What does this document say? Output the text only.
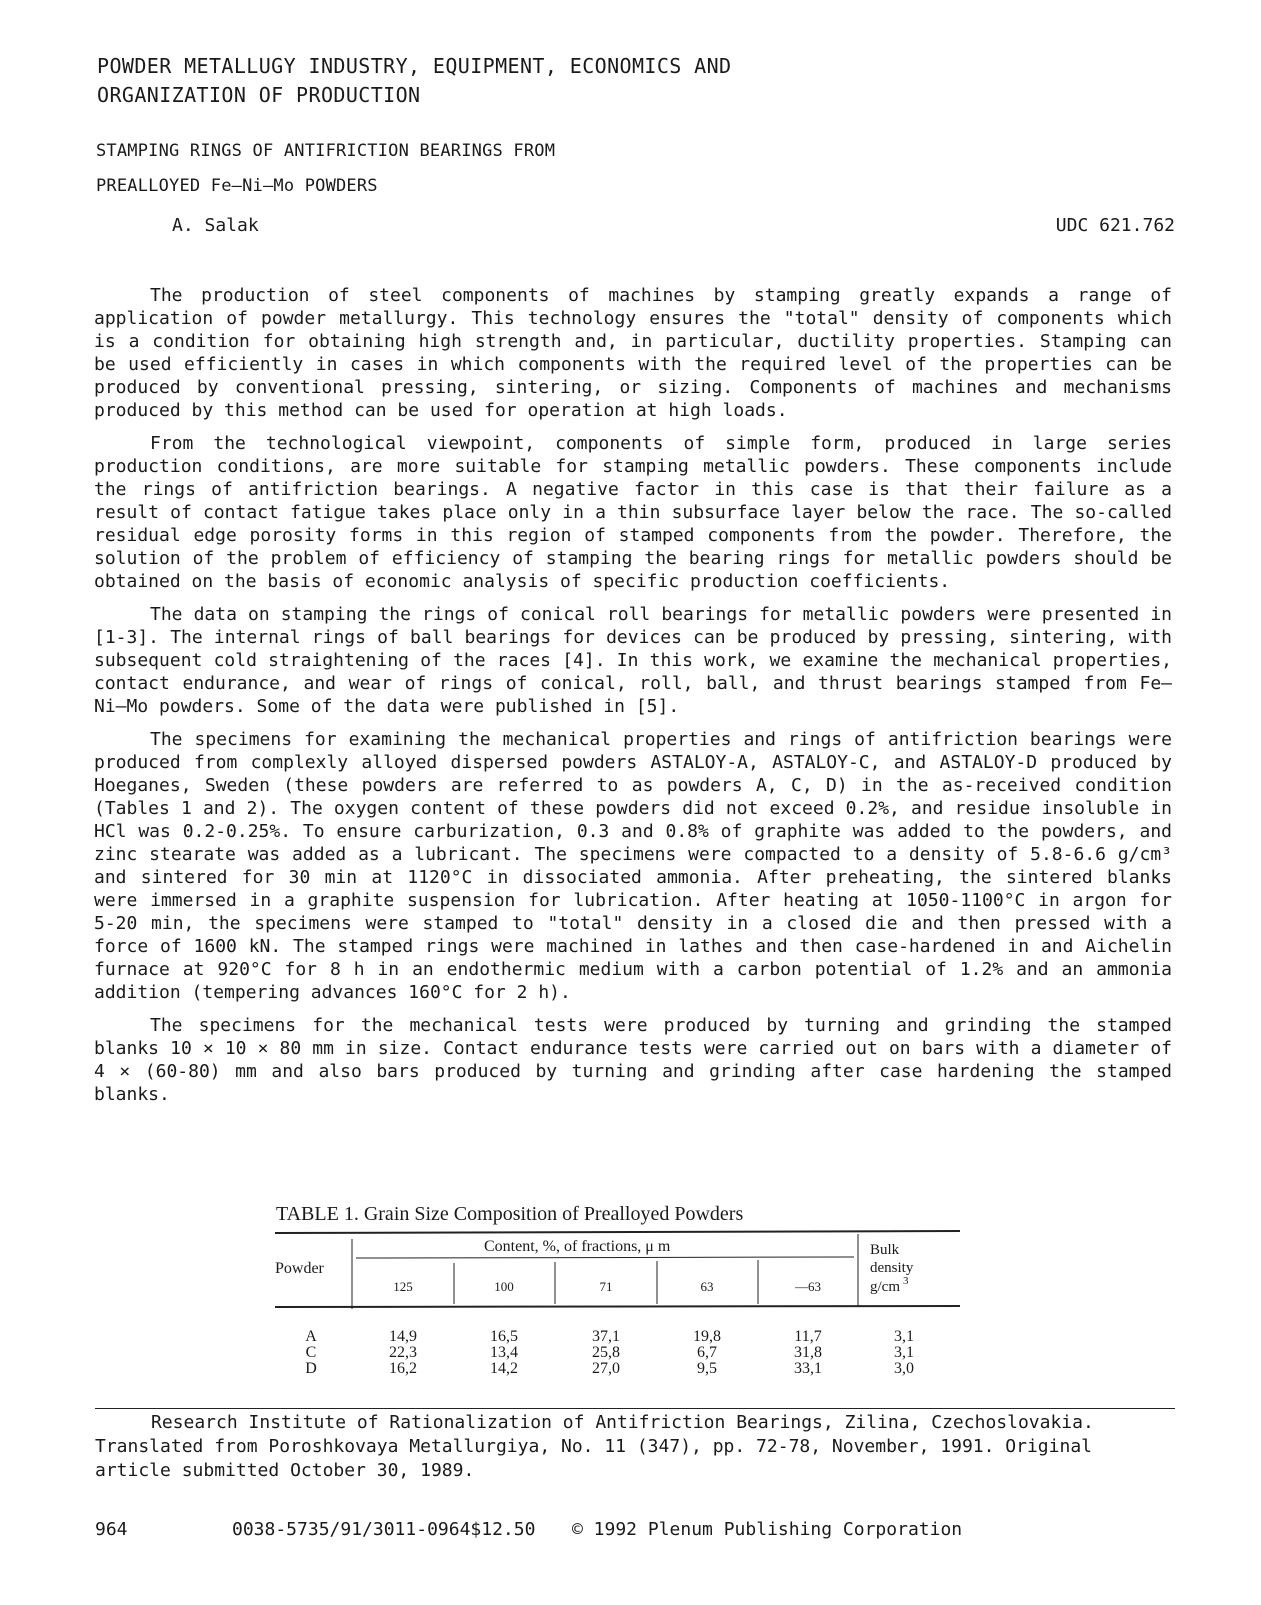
POWDER METALLUGY INDUSTRY, EQUIPMENT, ECONOMICS AND
ORGANIZATION OF PRODUCTION
STAMPING RINGS OF ANTIFRICTION BEARINGS FROM
PREALLOYED Fe–Ni–Mo POWDERS
A. Salak	UDC 621.762

The production of steel components of machines by stamping greatly expands a range of application of powder metallurgy. This technology ensures the "total" density of components which is a condition for obtaining high strength and, in particular, ductility properties. Stamping can be used efficiently in cases in which components with the required level of the properties can be produced by conventional pressing, sintering, or sizing. Components of machines and mechanisms produced by this method can be used for operation at high loads.

From the technological viewpoint, components of simple form, produced in large series production conditions, are more suitable for stamping metallic powders. These components include the rings of antifriction bearings. A negative factor in this case is that their failure as a result of contact fatigue takes place only in a thin subsurface layer below the race. The so-called residual edge porosity forms in this region of stamped components from the powder. Therefore, the solution of the problem of efficiency of stamping the bearing rings for metallic powders should be obtained on the basis of economic analysis of specific production coefficients.

The data on stamping the rings of conical roll bearings for metallic powders were presented in [1-3]. The internal rings of ball bearings for devices can be produced by pressing, sintering, with subsequent cold straightening of the races [4]. In this work, we examine the mechanical properties, contact endurance, and wear of rings of conical, roll, ball, and thrust bearings stamped from Fe–Ni–Mo powders. Some of the data were published in [5].

The specimens for examining the mechanical properties and rings of antifriction bearings were produced from complexly alloyed dispersed powders ASTALOY-A, ASTALOY-C, and ASTALOY-D produced by Hoeganes, Sweden (these powders are referred to as powders A, C, D) in the as-received condition (Tables 1 and 2). The oxygen content of these powders did not exceed 0.2%, and residue insoluble in HCl was 0.2-0.25%. To ensure carburization, 0.3 and 0.8% of graphite was added to the powders, and zinc stearate was added as a lubricant. The specimens were compacted to a density of 5.8-6.6 g/cm³ and sintered for 30 min at 1120°C in dissociated ammonia. After preheating, the sintered blanks were immersed in a graphite suspension for lubrication. After heating at 1050-1100°C in argon for 5-20 min, the specimens were stamped to "total" density in a closed die and then pressed with a force of 1600 kN. The stamped rings were machined in lathes and then case-hardened in and Aichelin furnace at 920°C for 8 h in an endothermic medium with a carbon potential of 1.2% and an ammonia addition (tempering advances 160°C for 2 h).

The specimens for the mechanical tests were produced by turning and grinding the stamped blanks 10 × 10 × 80 mm in size. Contact endurance tests were carried out on bars with a diameter of 4 × (60-80) mm and also bars produced by turning and grinding after case hardening the stamped blanks.

TABLE 1. Grain Size Composition of Prealloyed Powders
Powder
Content, %, of fractions, μ m	Bulk
density
g/cm $^3$
125	100	71	63	—63
A	14,9	16,5	37,1	19,8	11,7	3,1
C	22,3	13,4	25,8	6,7	31,8	3,1
D	16,2	14,2	27,0	9,5	33,1	3,0

Research Institute of Rationalization of Antifriction Bearings, Zilina, Czechoslovakia. Translated from Poroshkovaya Metallurgiya, No. 11 (347), pp. 72-78, November, 1991. Original article submitted October 30, 1989.

964	0038-5735/91/3011-0964$12.50 © 1992 Plenum Publishing Corporation
